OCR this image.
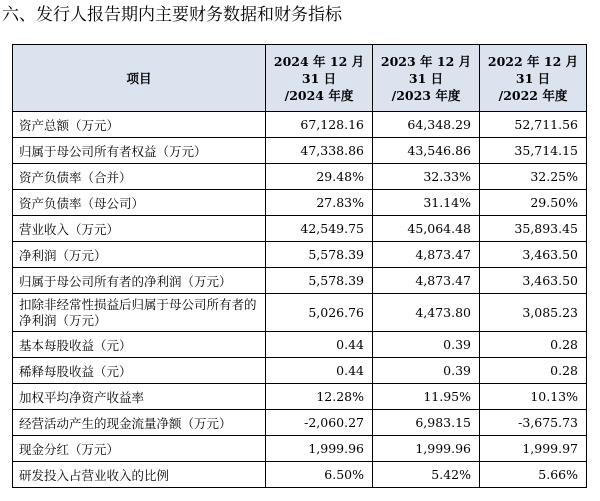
六、发行人报告期内主要财务数据和财务指标
项目	2024 年 12 月
31 日
/2024 年度	2023 年 12 月
31 日
/2023 年度	2022 年 12 月
31 日
/2022 年度

资产总额（万元）	67,128.16	64,348.29	52,711.56
归属于母公司所有者权益（万元）	47,338.86	43,546.86	35,714.15
资产负债率（合并）	29.48%	32.33%	32.25%
资产负债率（母公司）	27.83%	31.14%	29.50%
营业收入（万元）	42,549.75	45,064.48	35,893.45
净利润（万元）	5,578.39	4,873.47	3,463.50
归属于母公司所有者的净利润（万元）	5,578.39	4,873.47	3,463.50
扣除非经常性损益后归属于母公司所有者的净利润（万元）	5,026.76	4,473.80	3,085.23
基本每股收益（元）	0.44	0.39	0.28
稀释每股收益（元）	0.44	0.39	0.28
加权平均净资产收益率	12.28%	11.95%	10.13%
经营活动产生的现金流量净额（万元）	-2,060.27	6,983.15	-3,675.73
现金分红（万元）	1,999.96	1,999.96	1,999.97
研发投入占营业收入的比例	6.50%	5.42%	5.66%
